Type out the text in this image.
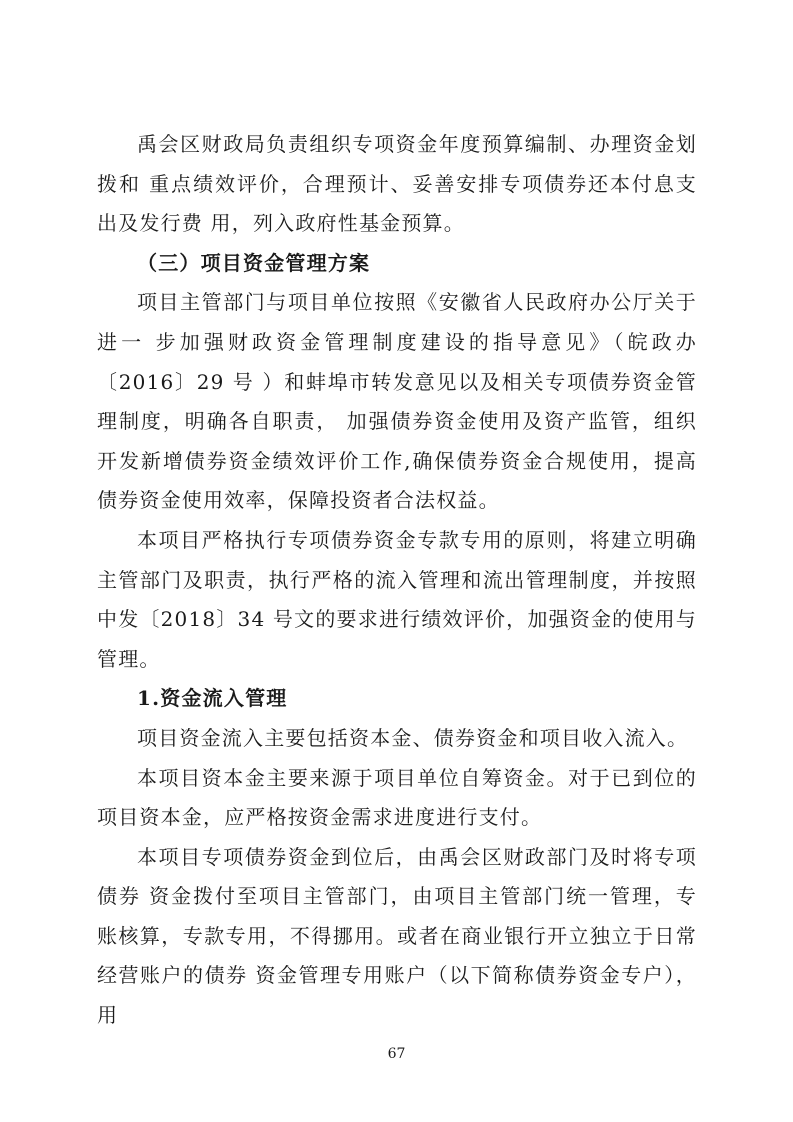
禹会区财政局负责组织专项资金年度预算编制、办理资金划拨和 重点绩效评价，合理预计、妥善安排专项债券还本付息支出及发行费 用，列入政府性基金预算。

（三）项目资金管理方案

项目主管部门与项目单位按照《安徽省人民政府办公厅关于进一 步加强财政资金管理制度建设的指导意见》（皖政办〔2016〕29 号 ）和蚌埠市转发意见以及相关专项债券资金管理制度，明确各自职责， 加强债券资金使用及资产监管，组织开发新增债券资金绩效评价工作,确保债券资金合规使用，提高债券资金使用效率，保障投资者合法权益。

本项目严格执行专项债券资金专款专用的原则，将建立明确主管部门及职责，执行严格的流入管理和流出管理制度，并按照中发〔2018〕34 号文的要求进行绩效评价，加强资金的使用与管理。

1.资金流入管理

项目资金流入主要包括资本金、债券资金和项目收入流入。

本项目资本金主要来源于项目单位自筹资金。对于已到位的项目资本金，应严格按资金需求进度进行支付。

本项目专项债券资金到位后，由禹会区财政部门及时将专项债券 资金拨付至项目主管部门，由项目主管部门统一管理，专账核算，专款专用，不得挪用。或者在商业银行开立独立于日常经营账户的债券 资金管理专用账户（以下简称债券资金专户），用

67
